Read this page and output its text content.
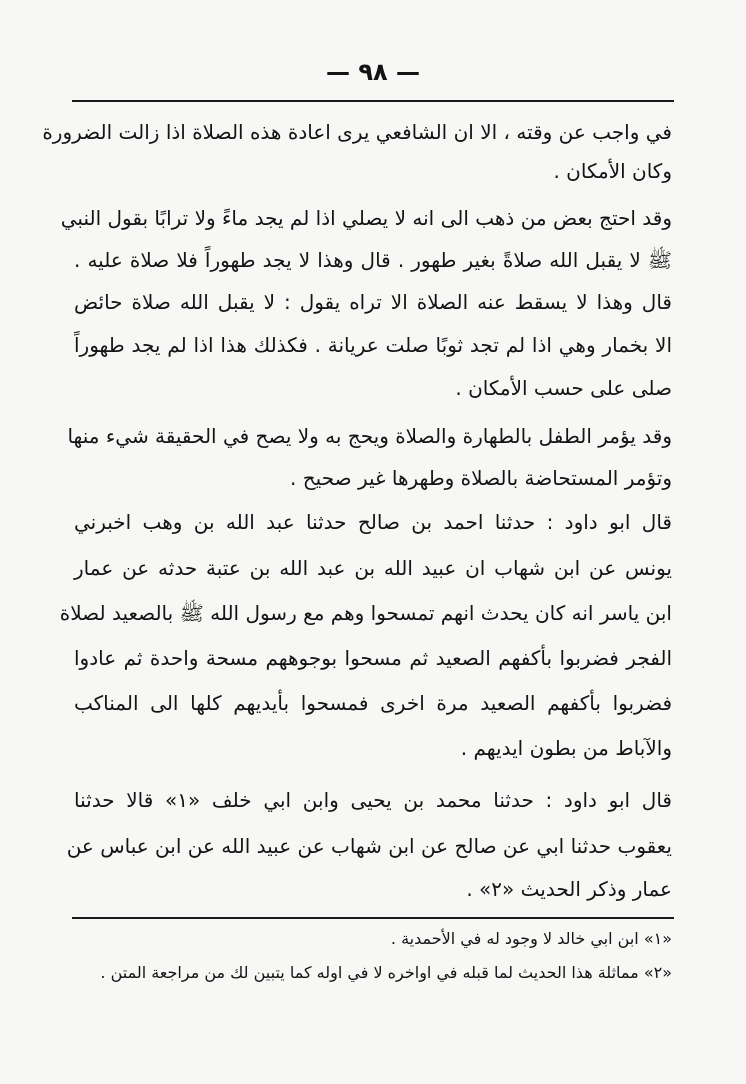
— ٩٨ —
في واجب عن وقته ، الا ان الشافعي يرى اعادة هذه الصلاة اذا زالت الضرورة
وكان الأمكان .
وقد احتج بعض من ذهب الى انه لا يصلي اذا لم يجد ماءً ولا ترابًا بقول النبي
ﷺ لا يقبل الله صلاةً بغير طهور . قال وهذا لا يجد طهوراً فلا صلاة عليه .
قال وهذا لا يسقط عنه الصلاة الا تراه يقول : لا يقبل الله صلاة حائض
الا بخمار وهي اذا لم تجد ثوبًا صلت عريانة . فكذلك هذا اذا لم يجد طهوراً
صلى على حسب الأمكان .
وقد يؤمر الطفل بالطهارة والصلاة ويحج به ولا يصح في الحقيقة شيء منها
وتؤمر المستحاضة بالصلاة وطهرها غير صحيح .
قال ابو داود : حدثنا احمد بن صالح حدثنا عبد الله بن وهب اخبرني
يونس عن ابن شهاب ان عبيد الله بن عبد الله بن عتبة حدثه عن عمار
ابن ياسر انه كان يحدث انهم تمسحوا وهم مع رسول الله ﷺ بالصعيد لصلاة
الفجر فضربوا بأكفهم الصعيد ثم مسحوا بوجوههم مسحة واحدة ثم عادوا
فضربوا بأكفهم الصعيد مرة اخرى فمسحوا بأيديهم كلها الى المناكب
والآباط من بطون ايديهم .
قال ابو داود : حدثنا محمد بن يحيى وابن ابي خلف «١» قالا حدثنا
يعقوب حدثنا ابي عن صالح عن ابن شهاب عن عبيد الله عن ابن عباس عن
عمار وذكر الحديث «٢» .
«١» ابن ابي خالد لا وجود له في الأحمدية .
«٢» مماثلة هذا الحديث لما قبله في اواخره لا في اوله كما يتبين لك من مراجعة المتن .
